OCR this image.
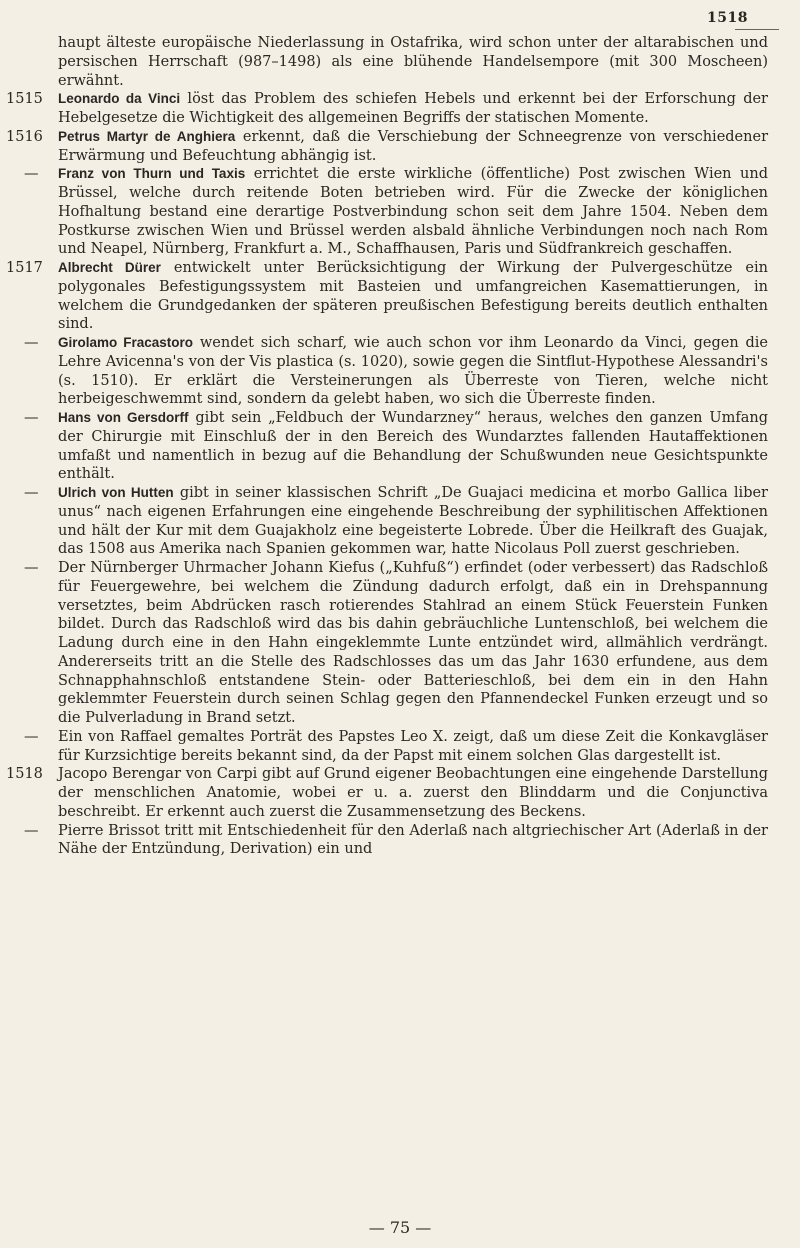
1518
haupt älteste europäische Niederlassung in Ostafrika, wird schon unter der altarabischen und persischen Herrschaft (987–1498) als eine blühende Handelsempore (mit 300 Moscheen) erwähnt.
1515 Leonardo da Vinci löst das Problem des schiefen Hebels und erkennt bei der Erforschung der Hebelgesetze die Wichtigkeit des allgemeinen Begriffs der statischen Momente.
1516 Petrus Martyr de Anghiera erkennt, daß die Verschiebung der Schneegrenze von verschiedener Erwärmung und Befeuchtung abhängig ist.
— Franz von Thurn und Taxis errichtet die erste wirkliche (öffentliche) Post zwischen Wien und Brüssel, welche durch reitende Boten betrieben wird. Für die Zwecke der königlichen Hofhaltung bestand eine derartige Postverbindung schon seit dem Jahre 1504. Neben dem Postkurse zwischen Wien und Brüssel werden alsbald ähnliche Verbindungen noch nach Rom und Neapel, Nürnberg, Frankfurt a. M., Schaffhausen, Paris und Südfrankreich geschaffen.
1517 Albrecht Dürer entwickelt unter Berücksichtigung der Wirkung der Pulvergeschütze ein polygonales Befestigungssystem mit Basteien und umfangreichen Kasemattierungen, in welchem die Grundgedanken der späteren preußischen Befestigung bereits deutlich enthalten sind.
— Girolamo Fracastoro wendet sich scharf, wie auch schon vor ihm Leonardo da Vinci, gegen die Lehre Avicenna's von der Vis plastica (s. 1020), sowie gegen die Sintflut-Hypothese Alessandri's (s. 1510). Er erklärt die Versteinerungen als Überreste von Tieren, welche nicht herbeigeschwemmt sind, sondern da gelebt haben, wo sich die Überreste finden.
— Hans von Gersdorff gibt sein „Feldbuch der Wundarzney“ heraus, welches den ganzen Umfang der Chirurgie mit Einschluß der in den Bereich des Wundarztes fallenden Hautaffektionen umfaßt und namentlich in bezug auf die Behandlung der Schußwunden neue Gesichtspunkte enthält.
— Ulrich von Hutten gibt in seiner klassischen Schrift „De Guajaci medicina et morbo Gallica liber unus“ nach eigenen Erfahrungen eine eingehende Beschreibung der syphilitischen Affektionen und hält der Kur mit dem Guajakholz eine begeisterte Lobrede. Über die Heilkraft des Guajak, das 1508 aus Amerika nach Spanien gekommen war, hatte Nicolaus Poll zuerst geschrieben.
— Der Nürnberger Uhrmacher Johann Kiefus („Kuhfuß“) erfindet (oder verbessert) das Radschloß für Feuergewehre, bei welchem die Zündung dadurch erfolgt, daß ein in Drehspannung versetztes, beim Abdrücken rasch rotierendes Stahlrad an einem Stück Feuerstein Funken bildet. Durch das Radschloß wird das bis dahin gebräuchliche Luntenschloß, bei welchem die Ladung durch eine in den Hahn eingeklemmte Lunte entzündet wird, allmählich verdrängt. Andererseits tritt an die Stelle des Radschlosses das um das Jahr 1630 erfundene, aus dem Schnapphahnschloß entstandene Stein- oder Batterieschloß, bei dem ein in den Hahn geklemmter Feuerstein durch seinen Schlag gegen den Pfannendeckel Funken erzeugt und so die Pulverladung in Brand setzt.
— Ein von Raffael gemaltes Porträt des Papstes Leo X. zeigt, daß um diese Zeit die Konkavgläser für Kurzsichtige bereits bekannt sind, da der Papst mit einem solchen Glas dargestellt ist.
1518 Jacopo Berengar von Carpi gibt auf Grund eigener Beobachtungen eine eingehende Darstellung der menschlichen Anatomie, wobei er u. a. zuerst den Blinddarm und die Conjunctiva beschreibt. Er erkennt auch zuerst die Zusammensetzung des Beckens.
— Pierre Brissot tritt mit Entschiedenheit für den Aderlaß nach altgriechischer Art (Aderlaß in der Nähe der Entzündung, Derivation) ein und
— 75 —
